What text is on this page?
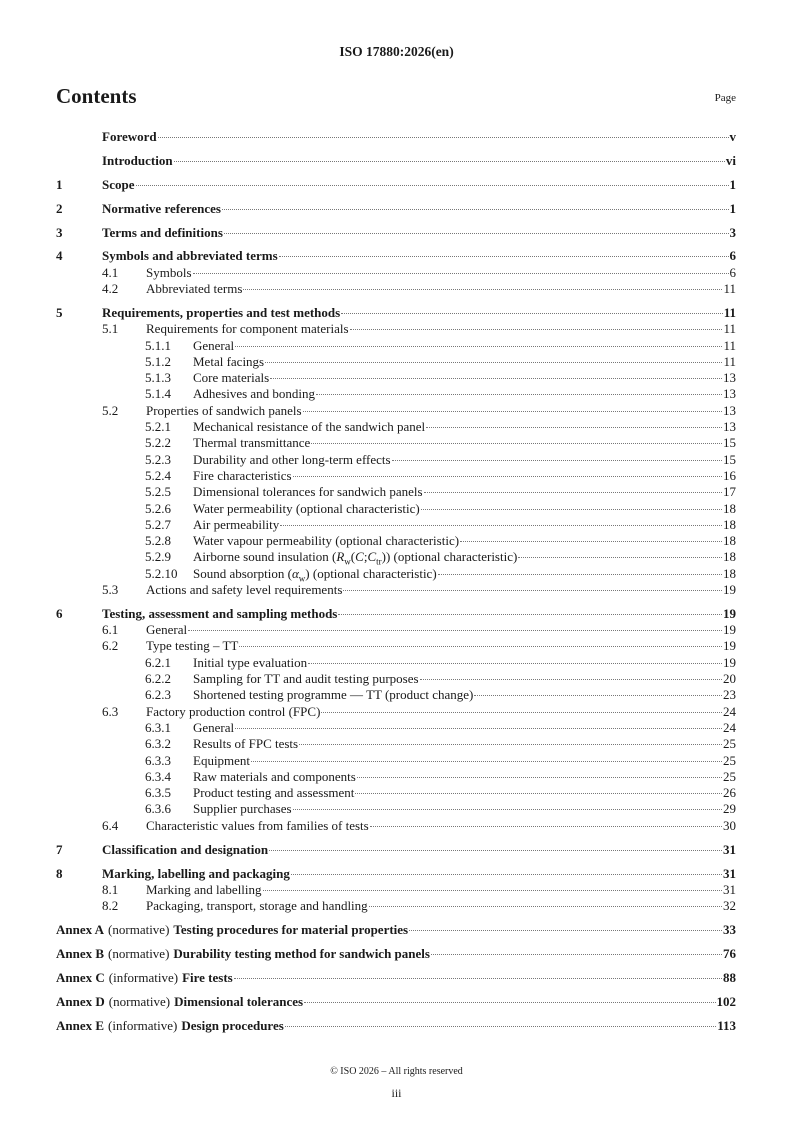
ISO 17880:2026(en)
Contents	Page
Foreword	v
Introduction	vi
1	Scope	1
2	Normative references	1
3	Terms and definitions	3
4	Symbols and abbreviated terms	6
4.1	Symbols	6
4.2	Abbreviated terms	11
5	Requirements, properties and test methods	11
5.1	Requirements for component materials	11
5.1.1	General	11
5.1.2	Metal facings	11
5.1.3	Core materials	13
5.1.4	Adhesives and bonding	13
5.2	Properties of sandwich panels	13
5.2.1	Mechanical resistance of the sandwich panel	13
5.2.2	Thermal transmittance	15
5.2.3	Durability and other long-term effects	15
5.2.4	Fire characteristics	16
5.2.5	Dimensional tolerances for sandwich panels	17
5.2.6	Water permeability (optional characteristic)	18
5.2.7	Air permeability	18
5.2.8	Water vapour permeability (optional characteristic)	18
5.2.9	Airborne sound insulation $(R_w(C;C_{tr}))$ (optional characteristic)	18
5.2.10	Sound absorption $(\alpha_w)$ (optional characteristic)	18
5.3	Actions and safety level requirements	19
6	Testing, assessment and sampling methods	19
6.1	General	19
6.2	Type testing – TT	19
6.2.1	Initial type evaluation	19
6.2.2	Sampling for TT and audit testing purposes	20
6.2.3	Shortened testing programme — TT (product change)	23
6.3	Factory production control (FPC)	24
6.3.1	General	24
6.3.2	Results of FPC tests	25
6.3.3	Equipment	25
6.3.4	Raw materials and components	25
6.3.5	Product testing and assessment	26
6.3.6	Supplier purchases	29
6.4	Characteristic values from families of tests	30
7	Classification and designation	31
8	Marking, labelling and packaging	31
8.1	Marking and labelling	31
8.2	Packaging, transport, storage and handling	32
Annex A (normative) Testing procedures for material properties	33
Annex B (normative) Durability testing method for sandwich panels	76
Annex C (informative) Fire tests	88
Annex D (normative) Dimensional tolerances	102
Annex E (informative) Design procedures	113
© ISO 2026 – All rights reserved
iii
